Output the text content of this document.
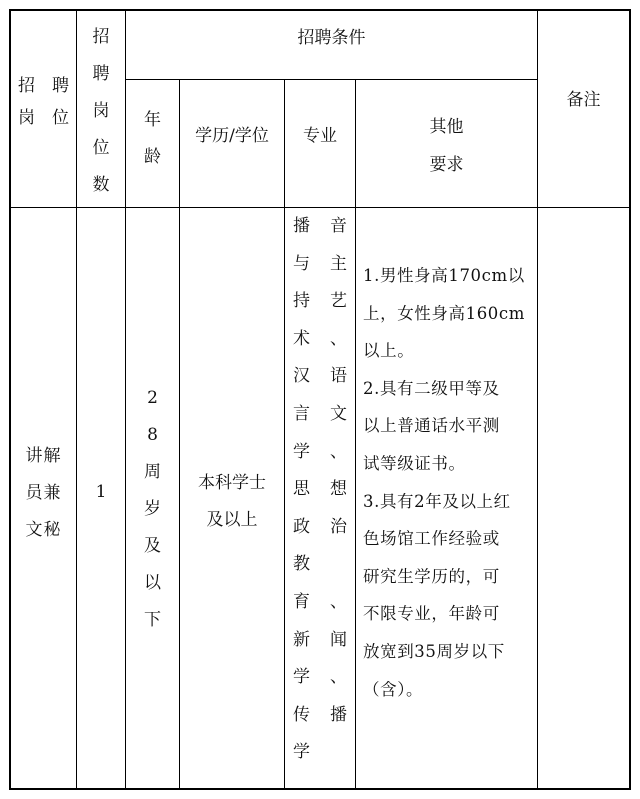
招 聘
岗 位
招
聘
岗
位
数
招聘条件
年
龄
学历/学位	专业	其他
要求
备注
讲解
员兼
文秘
1
2
8
周
岁
及
以
下
本科学士
及以上
播 音
与 主
持 艺
术 、
汉 语
言 文
学 、
思 想
政 治
教
育 、
新 闻
学 、
传 播
学
1.男性身高170cm以
上，女性身高160cm
以上。
2.具有二级甲等及
以上普通话水平测
试等级证书。
3.具有2年及以上红
色场馆工作经验或
研究生学历的，可
不限专业，年龄可
放宽到35周岁以下
（含）。
